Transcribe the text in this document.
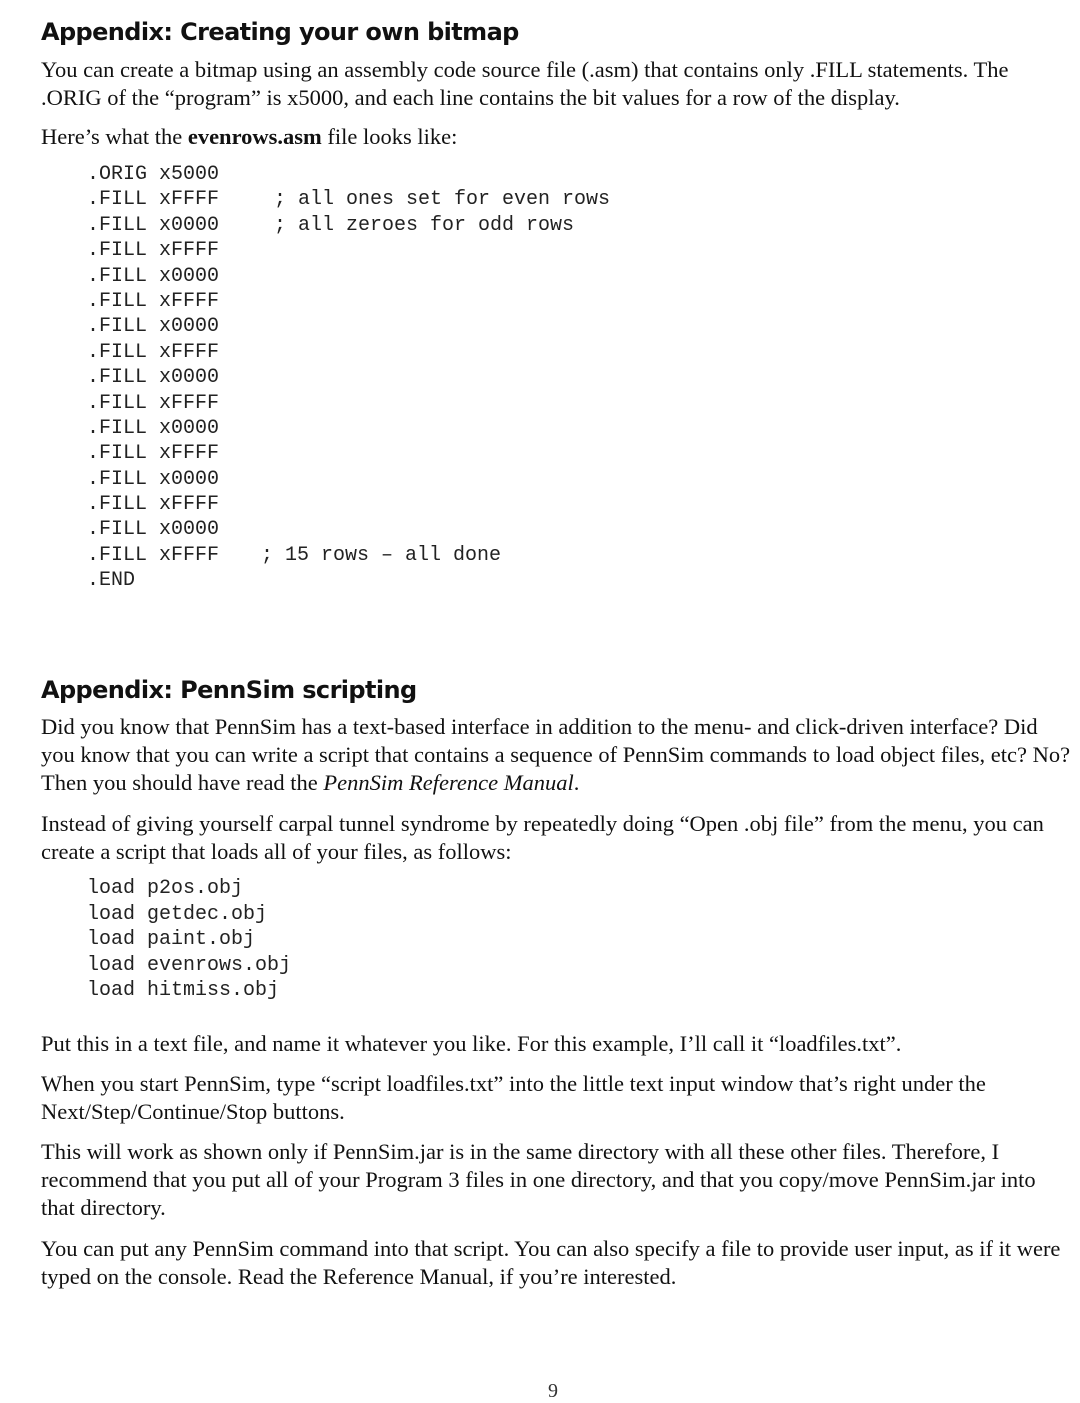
Appendix: Creating your own bitmap

You can create a bitmap using an assembly code source file (.asm) that contains only .FILL statements. The .ORIG of the “program” is x5000, and each line contains the bit values for a row of the display.

Here’s what the evenrows.asm file looks like:

.ORIG x5000
.FILL xFFFF	; all ones set for even rows
.FILL x0000	; all zeroes for odd rows
.FILL xFFFF
.FILL x0000
.FILL xFFFF
.FILL x0000
.FILL xFFFF
.FILL x0000
.FILL xFFFF
.FILL x0000
.FILL xFFFF
.FILL x0000
.FILL xFFFF
.FILL x0000
.FILL xFFFF ; 15 rows – all done
.END
Appendix: PennSim scripting

Did you know that PennSim has a text-based interface in addition to the menu- and click-driven interface? Did you know that you can write a script that contains a sequence of PennSim commands to load object files, etc? No? Then you should have read the PennSim Reference Manual.

Instead of giving yourself carpal tunnel syndrome by repeatedly doing “Open .obj file” from the menu, you can create a script that loads all of your files, as follows:

load p2os.obj
load getdec.obj
load paint.obj
load evenrows.obj
load hitmiss.obj

Put this in a text file, and name it whatever you like. For this example, I’ll call it “loadfiles.txt”.

When you start PennSim, type “script loadfiles.txt” into the little text input window that’s right under the Next/Step/Continue/Stop buttons.

This will work as shown only if PennSim.jar is in the same directory with all these other files. Therefore, I recommend that you put all of your Program 3 files in one directory, and that you copy/move PennSim.jar into that directory.

You can put any PennSim command into that script. You can also specify a file to provide user input, as if it were typed on the console. Read the Reference Manual, if you’re interested.

9
